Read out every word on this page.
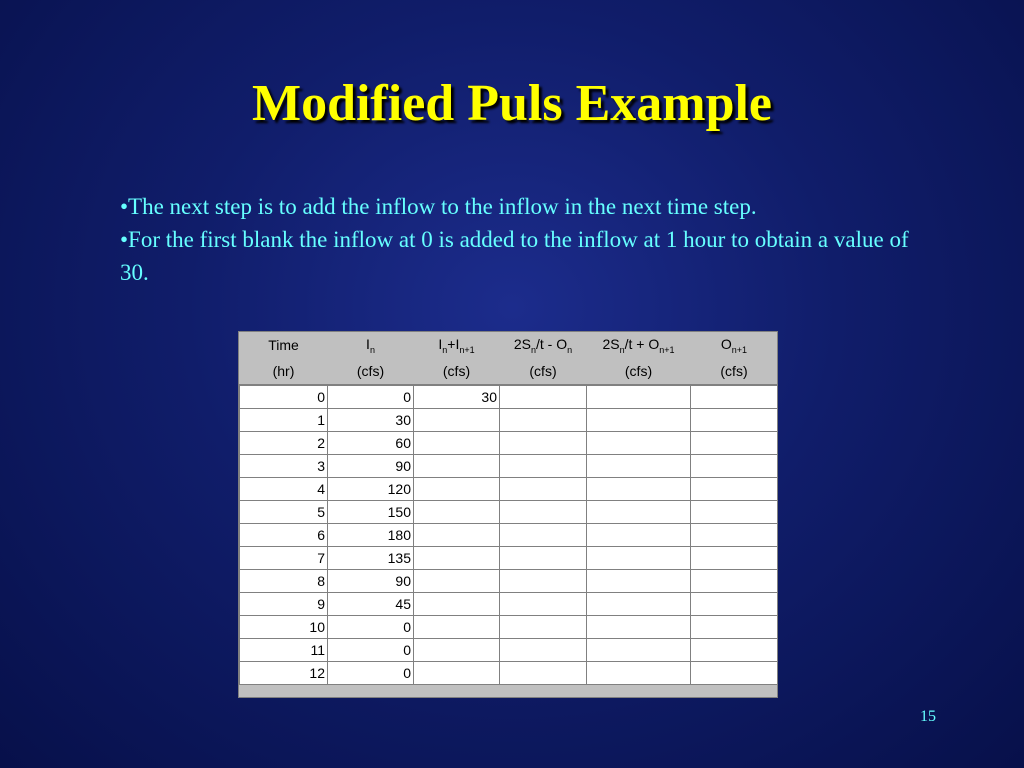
Modified Puls Example

•The next step is to add the inflow to the inflow in the next time step.

•For the first blank the inflow at 0 is added to the inflow at 1 hour to obtain a value of 30.

Time	$I_n$	$I_n+I_{n+1}$	$2S_n/t - O_n$	$2S_n/t + O_{n+1}$	$O_{n+1}$
(hr)	(cfs)	(cfs)	(cfs)	(cfs)	(cfs)
0	0	30			
1	30				
2	60				
3	90				
4	120				
5	150				
6	180				
7	135				
8	90				
9	45				
10	0				
11	0				
12	0				
15
